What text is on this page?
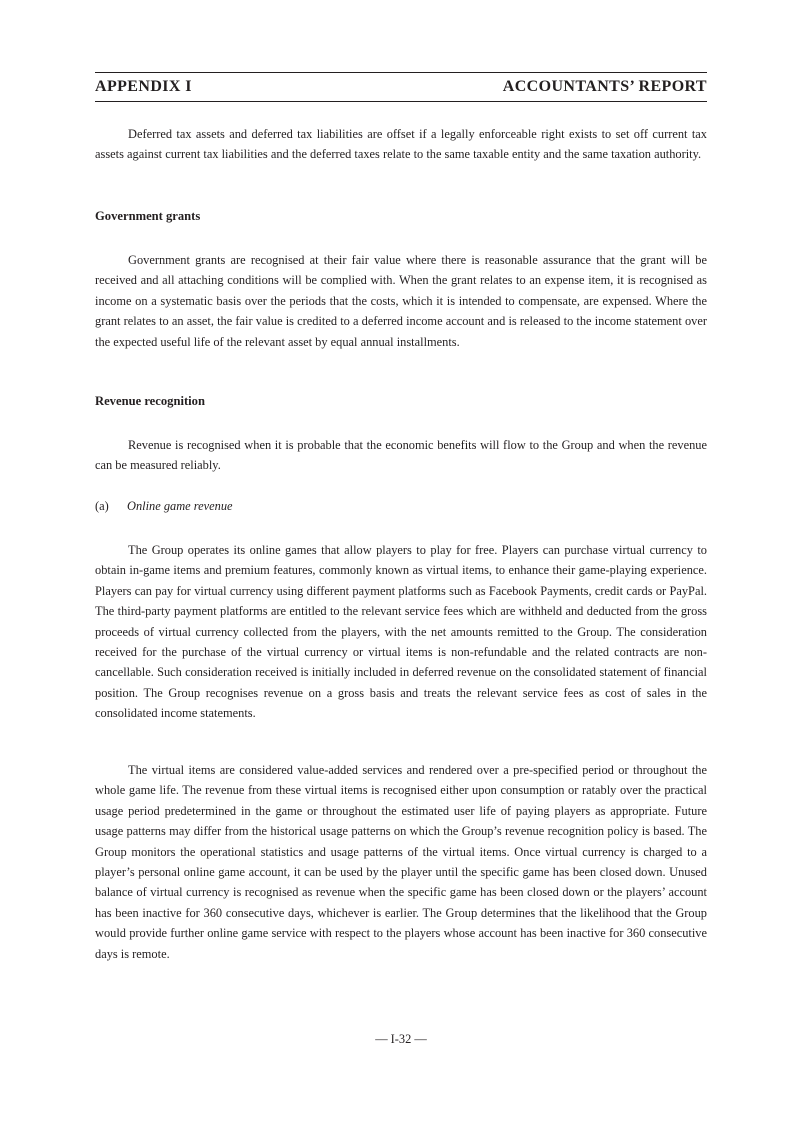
APPENDIX I	ACCOUNTANTS’ REPORT

Deferred tax assets and deferred tax liabilities are offset if a legally enforceable right exists to set off current tax assets against current tax liabilities and the deferred taxes relate to the same taxable entity and the same taxation authority.

Government grants

Government grants are recognised at their fair value where there is reasonable assurance that the grant will be received and all attaching conditions will be complied with. When the grant relates to an expense item, it is recognised as income on a systematic basis over the periods that the costs, which it is intended to compensate, are expensed. Where the grant relates to an asset, the fair value is credited to a deferred income account and is released to the income statement over the expected useful life of the relevant asset by equal annual installments.

Revenue recognition

Revenue is recognised when it is probable that the economic benefits will flow to the Group and when the revenue can be measured reliably.

(a) Online game revenue

The Group operates its online games that allow players to play for free. Players can purchase virtual currency to obtain in-game items and premium features, commonly known as virtual items, to enhance their game-playing experience. Players can pay for virtual currency using different payment platforms such as Facebook Payments, credit cards or PayPal. The third-party payment platforms are entitled to the relevant service fees which are withheld and deducted from the gross proceeds of virtual currency collected from the players, with the net amounts remitted to the Group. The consideration received for the purchase of the virtual currency or virtual items is non-refundable and the related contracts are non-cancellable. Such consideration received is initially included in deferred revenue on the consolidated statement of financial position. The Group recognises revenue on a gross basis and treats the relevant service fees as cost of sales in the consolidated income statements.

The virtual items are considered value-added services and rendered over a pre-specified period or throughout the whole game life. The revenue from these virtual items is recognised either upon consumption or ratably over the practical usage period predetermined in the game or throughout the estimated user life of paying players as appropriate. Future usage patterns may differ from the historical usage patterns on which the Group’s revenue recognition policy is based. The Group monitors the operational statistics and usage patterns of the virtual items. Once virtual currency is charged to a player’s personal online game account, it can be used by the player until the specific game has been closed down. Unused balance of virtual currency is recognised as revenue when the specific game has been closed down or the players’ account has been inactive for 360 consecutive days, whichever is earlier. The Group determines that the likelihood that the Group would provide further online game service with respect to the players whose account has been inactive for 360 consecutive days is remote.

— I-32 —
